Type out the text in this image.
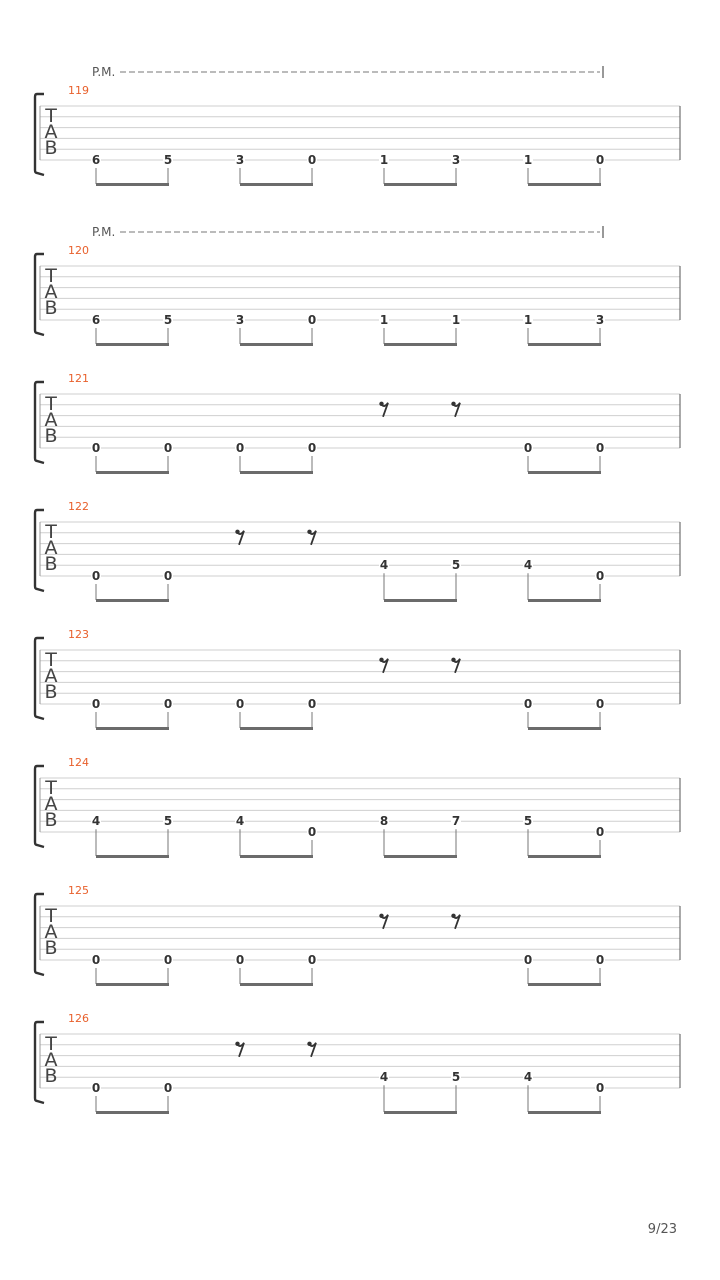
T
A
B
119
P.M.
6	5	3	0	1	3	1	0
T
A
B
120
P.M.
6	5	3	0	1	1	1	3
T
A
B
121
0	0	0	0	0	0
T
A
B
122
0	0
4	5	4
0
T
A
B
123
0	0	0	0	0	0
T
A
B
124
4	5	4
0
8	7	5
0
T
A
B
125
0	0	0	0	0	0
T
A
B
126
0	0
4	5	4
0
9/23
